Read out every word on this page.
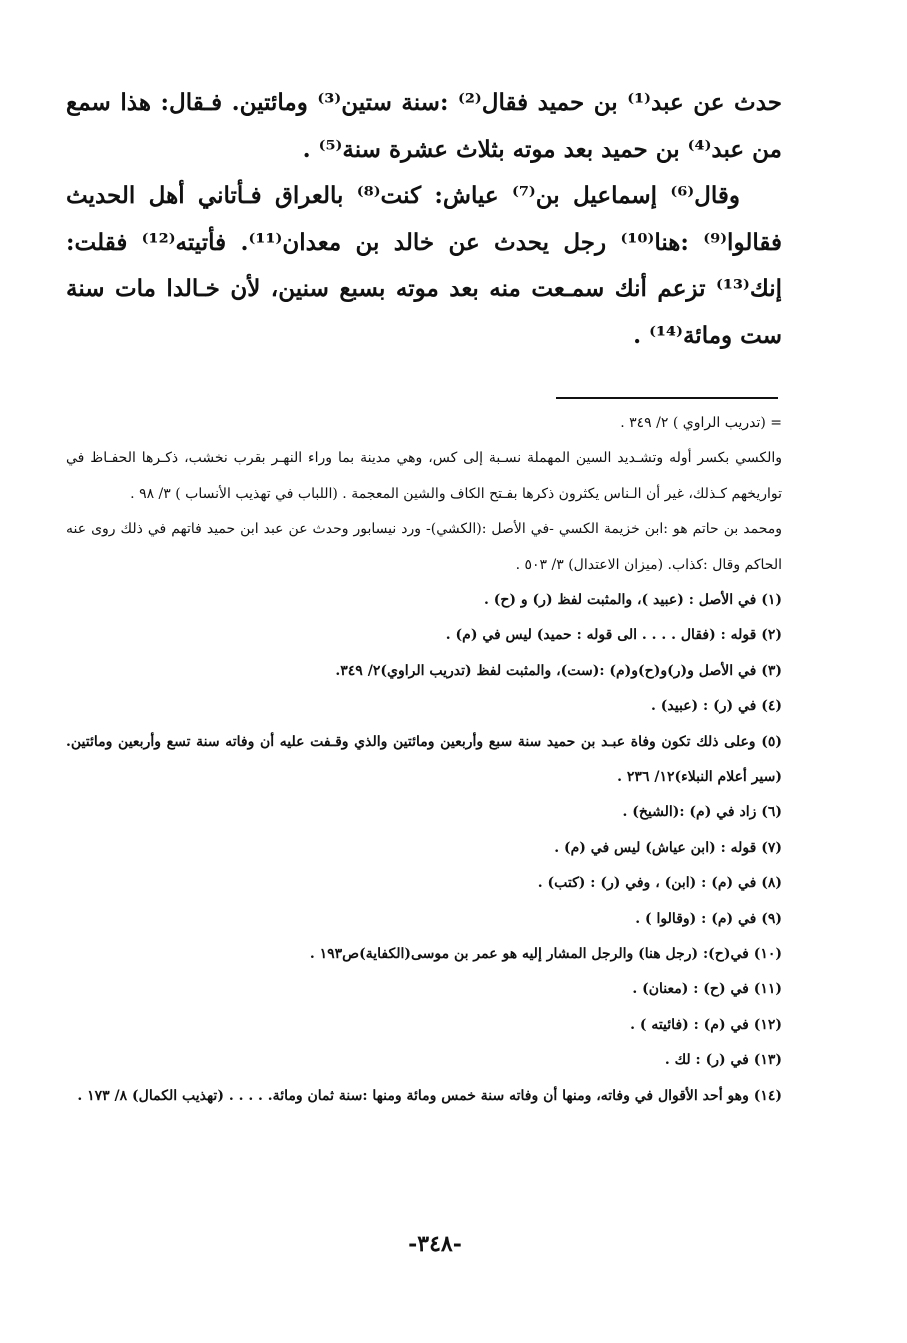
حدث عن عبد⁽¹⁾ بن حميد فقال⁽²⁾ :سنة ستين⁽³⁾ ومائتين. فـقال: هذا سمع من عبد⁽⁴⁾ بن حميد بعد موته بثلاث عشرة سنة⁽⁵⁾ .

وقال⁽⁶⁾ إسماعيل بن⁽⁷⁾ عياش: كنت⁽⁸⁾ بالعراق فـأتاني أهل الحديث فقالوا⁽⁹⁾ :هنا⁽¹⁰⁾ رجل يحدث عن خالد بن معدان⁽¹¹⁾. فأتيته⁽¹²⁾ فقلت: إنك⁽¹³⁾ تزعم أنك سمـعت منه بعد موته بسبع سنين، لأن خـالدا مات سنة ست ومائة⁽¹⁴⁾ .

= (تدريب الراوي ) ٢/ ٣٤٩ .
والكسي بكسر أوله وتشـديد السين المهملة نسـبة إلى كس، وهي مدينة بما وراء النهـر بقرب نخشب، ذكـرها الحفـاظ في تواريخهم كـذلك، غير أن الـناس يكثرون ذكرها بفـتح الكاف والشين المعجمة . (اللباب في تهذيب الأنساب ) ٣/ ٩٨ .
ومحمد بن حاتم هو :ابن خزيمة الكسي -في الأصل :(الكشي)- ورد نيسابور وحدث عن عبد ابن حميد فاتهم في ذلك روى عنه الحاكم وقال :كذاب. (ميزان الاعتدال) ٣/ ٥٠٣ .
(١) في الأصل : (عبيد )، والمثبت لفظ (ر) و (ح) .
(٢) قوله : (فقال . . . . الى قوله : حميد) ليس في (م) .
(٣) في الأصل و(ر)و(ح)و(م) :(ست)، والمثبت لفظ (تدريب الراوي)٢/ ٣٤٩.
(٤) في (ر) : (عبيد) .
(٥) وعلى ذلك تكون وفاة عبـد بن حميد سنة سبع وأربعين ومائتين والذي وقـفت عليه أن وفاته سنة تسع وأربعين ومائتين. (سير أعلام النبلاء)١٢/ ٢٣٦ .
(٦) زاد في (م) :(الشيخ) .
(٧) قوله : (ابن عياش) ليس في (م) .
(٨) في (م) : (ابن) ، وفي (ر) : (كتب) .
(٩) في (م) : (وقالوا ) .
(١٠) في(ح): (رجل هنا) والرجل المشار إليه هو عمر بن موسى(الكفاية)ص١٩٣ .
(١١) في (ح) : (معنان) .
(١٢) في (م) : (فائيته ) .
(١٣) في (ر) : لك .
(١٤) وهو أحد الأقوال في وفاته، ومنها أن وفاته سنة خمس ومائة ومنها :سنة ثمان ومائة. . . . . (تهذيب الكمال) ٨/ ١٧٣ .
-٣٤٨-
